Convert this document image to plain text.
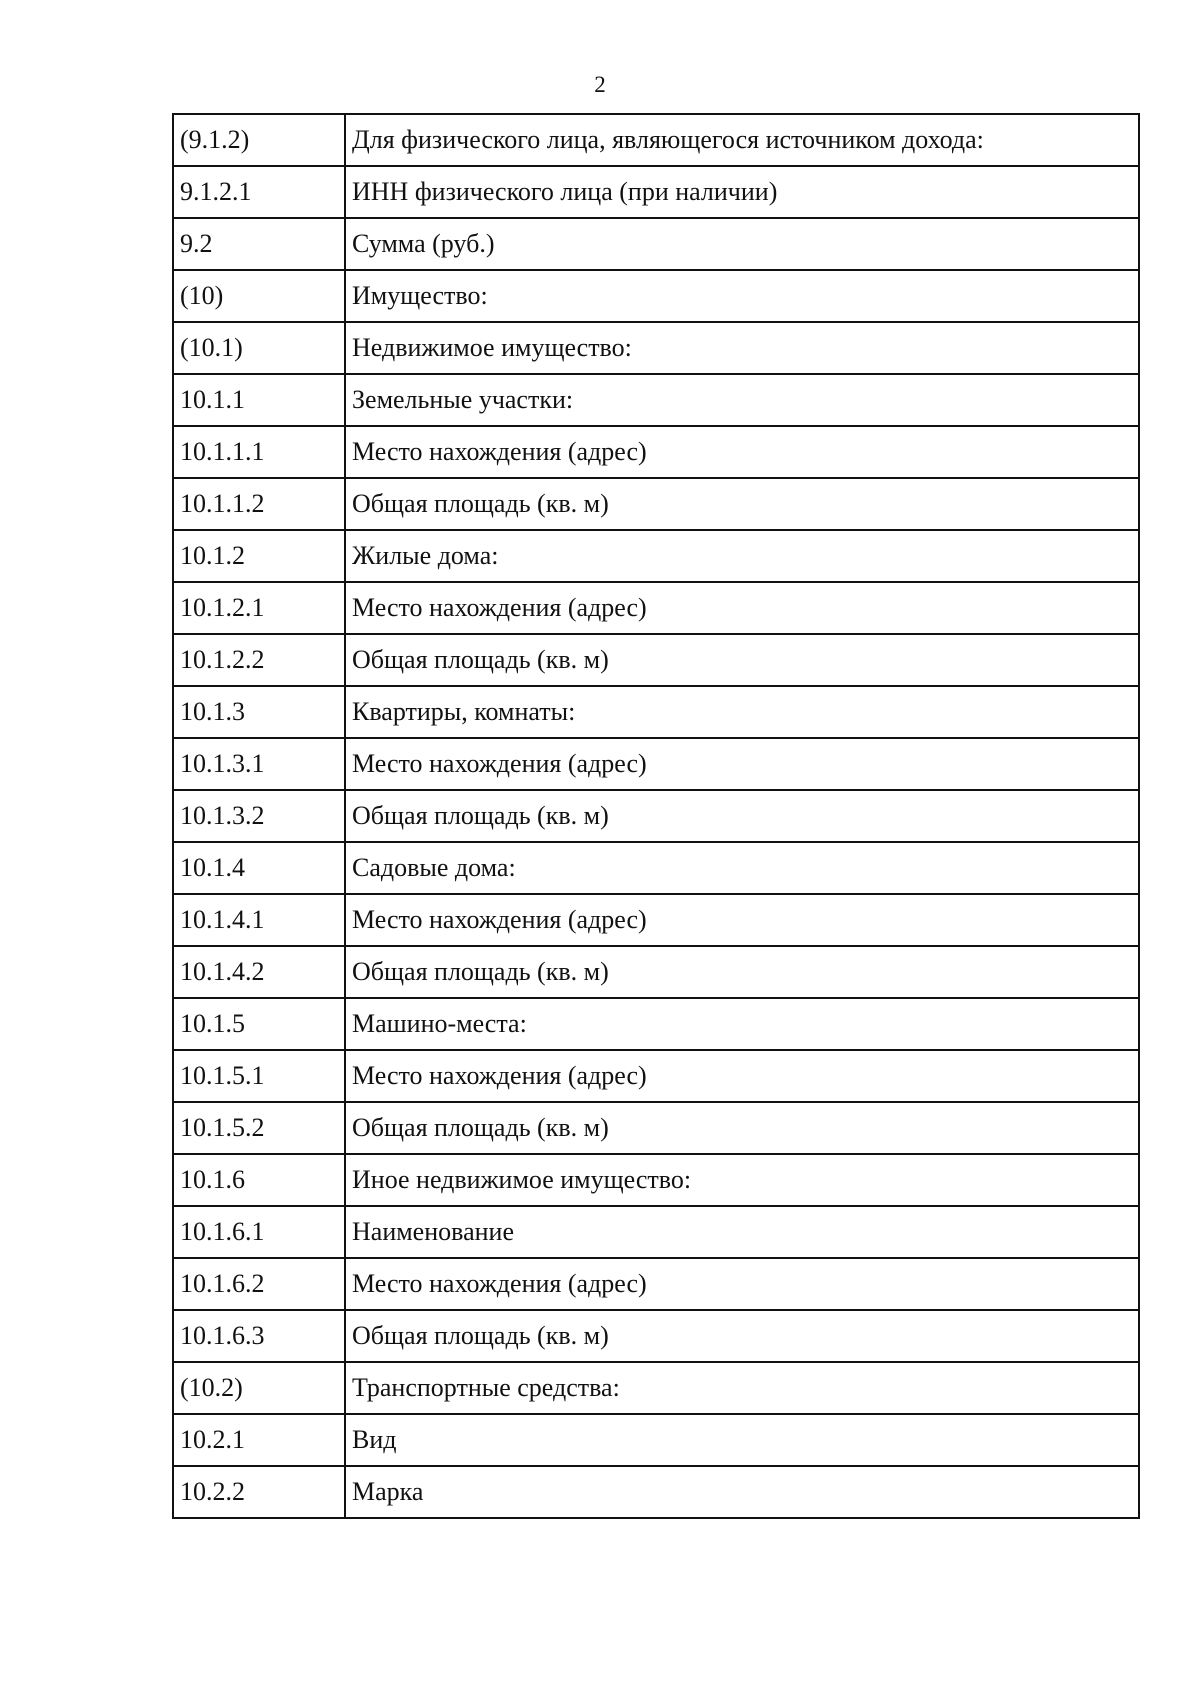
2
(9.1.2)	Для физического лица, являющегося источником дохода:
9.1.2.1	ИНН физического лица (при наличии)
9.2	Сумма (руб.)
(10)	Имущество:
(10.1)	Недвижимое имущество:
10.1.1	Земельные участки:
10.1.1.1	Место нахождения (адрес)
10.1.1.2	Общая площадь (кв. м)
10.1.2	Жилые дома:
10.1.2.1	Место нахождения (адрес)
10.1.2.2	Общая площадь (кв. м)
10.1.3	Квартиры, комнаты:
10.1.3.1	Место нахождения (адрес)
10.1.3.2	Общая площадь (кв. м)
10.1.4	Садовые дома:
10.1.4.1	Место нахождения (адрес)
10.1.4.2	Общая площадь (кв. м)
10.1.5	Машино-места:
10.1.5.1	Место нахождения (адрес)
10.1.5.2	Общая площадь (кв. м)
10.1.6	Иное недвижимое имущество:
10.1.6.1	Наименование
10.1.6.2	Место нахождения (адрес)
10.1.6.3	Общая площадь (кв. м)
(10.2)	Транспортные средства:
10.2.1	Вид
10.2.2	Марка
